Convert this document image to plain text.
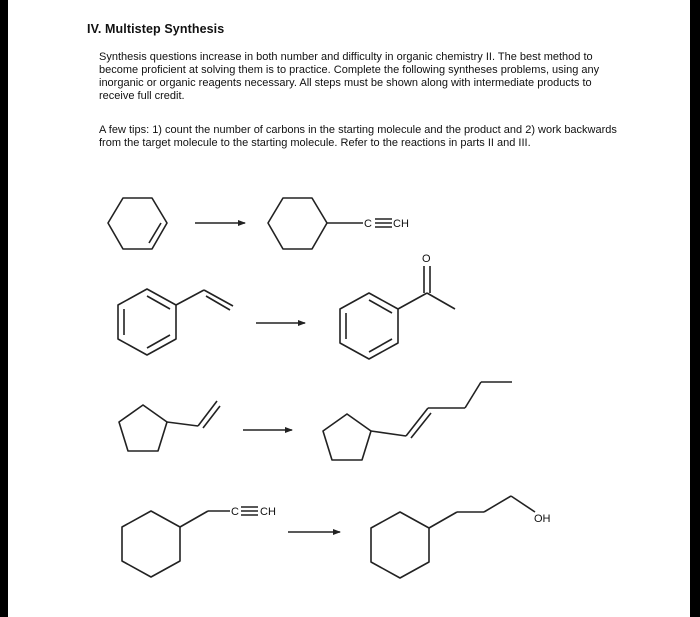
IV. Multistep Synthesis
Synthesis questions increase in both number and difficulty in organic chemistry II. The best method to become proficient at solving them is to practice. Complete the following syntheses problems, using any inorganic or organic reagents necessary. All steps must be shown along with intermediate products to receive full credit.
A few tips: 1) count the number of carbons in the starting molecule and the product and 2) work backwards from the target molecule to the starting molecule. Refer to the reactions in parts II and III.
C CH
O
C CH
OH
